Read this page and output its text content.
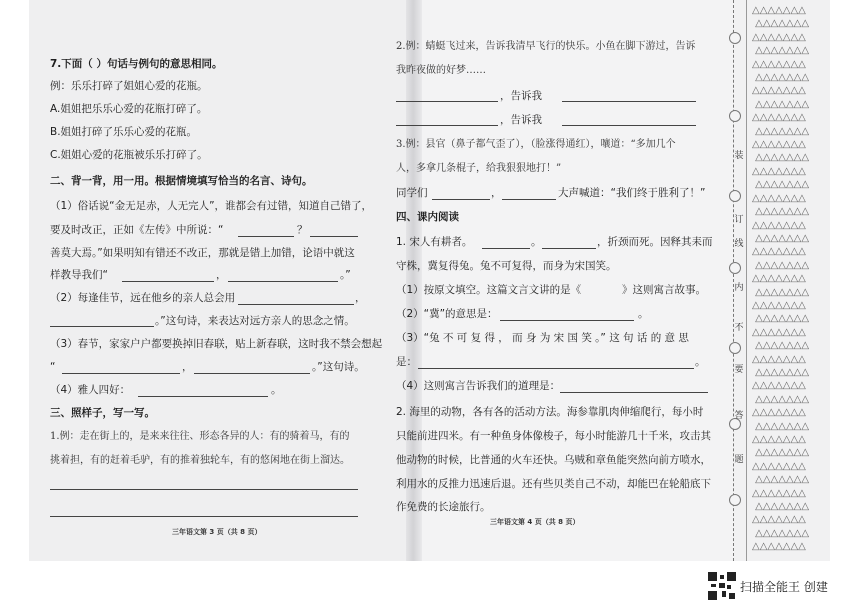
7.下面（ ）句话与例句的意思相同。
例：乐乐打碎了姐姐心爱的花瓶。
A.姐姐把乐乐心爱的花瓶打碎了。
B.姐姐打碎了乐乐心爱的花瓶。
C.姐姐心爱的花瓶被乐乐打碎了。
二、背一背，用一用。根据情境填写恰当的名言、诗句。
（1）俗话说“金无足赤，人无完人”，谁都会有过错，知道自己错了，
要及时改正，正如《左传》中所说：“	？
善莫大焉。”如果明知有错还不改正，那就是错上加错，论语中就这
样教导我们“	，	。”
（2）每逢佳节，远在他乡的亲人总会用	，
。”这句诗，来表达对远方亲人的思念之情。
（3）春节，家家户户都要换掉旧春联，贴上新春联，这时我不禁会想起
“	，	。”这句诗。
（4）雅人四好：	。
三、照样子，写一写。
1.例：走在街上的，是来来往往、形态各异的人：有的骑着马，有的
挑着担，有的赶着毛驴，有的推着独轮车，有的悠闲地在街上溜达。
三年语文第 3 页（共 8 页）
2.例：蜻蜓飞过来，告诉我清早飞行的快乐。小鱼在脚下游过，告诉
我昨夜做的好梦……
，告诉我
，告诉我
3.例：县官（鼻子都气歪了），（脸涨得通红），嚷道：“多加几个
人，多拿几条棍子，给我狠狠地打！”
同学们	，	大声喊道：“我们终于胜利了！”
四、课内阅读
1. 宋人有耕者。	。	，折颈而死。因释其耒而
守株，冀复得兔。兔不可复得，而身为宋国笑。
（1）按原文填空。这篇文言文讲的是《	》这则寓言故事。
（2）“冀”的意思是：	。
（3）“兔 不 可 复 得 ， 而 身 为 宋 国 笑 。” 这 句 话 的 意 思
是：	。
（4）这则寓言告诉我们的道理是：
2. 海里的动物，各有各的活动方法。海参靠肌肉伸缩爬行，每小时
只能前进四米。有一种鱼身体像梭子，每小时能游几十千米，攻击其
他动物的时候，比普通的火车还快。乌贼和章鱼能突然向前方喷水，
利用水的反推力迅速后退。还有些贝类自己不动，却能巴在轮船底下
作免费的长途旅行。
三年语文第 4 页（共 8 页）
装
订
线
内
不
要
答
题
△△△△△△△
△△△△△△△
△△△△△△△
△△△△△△△
△△△△△△△
△△△△△△△
△△△△△△△
△△△△△△△
△△△△△△△
△△△△△△△
△△△△△△△
△△△△△△△
△△△△△△△
△△△△△△△
△△△△△△△
△△△△△△△
△△△△△△△
△△△△△△△
△△△△△△△
△△△△△△△
△△△△△△△
△△△△△△△
△△△△△△△
△△△△△△△
△△△△△△△
△△△△△△△
△△△△△△△
△△△△△△△
△△△△△△△
△△△△△△△
△△△△△△△
△△△△△△△
△△△△△△△
△△△△△△△
△△△△△△△
△△△△△△△
△△△△△△△
△△△△△△△
△△△△△△△
△△△△△△△
△△△△△△△
扫描全能王 创建
